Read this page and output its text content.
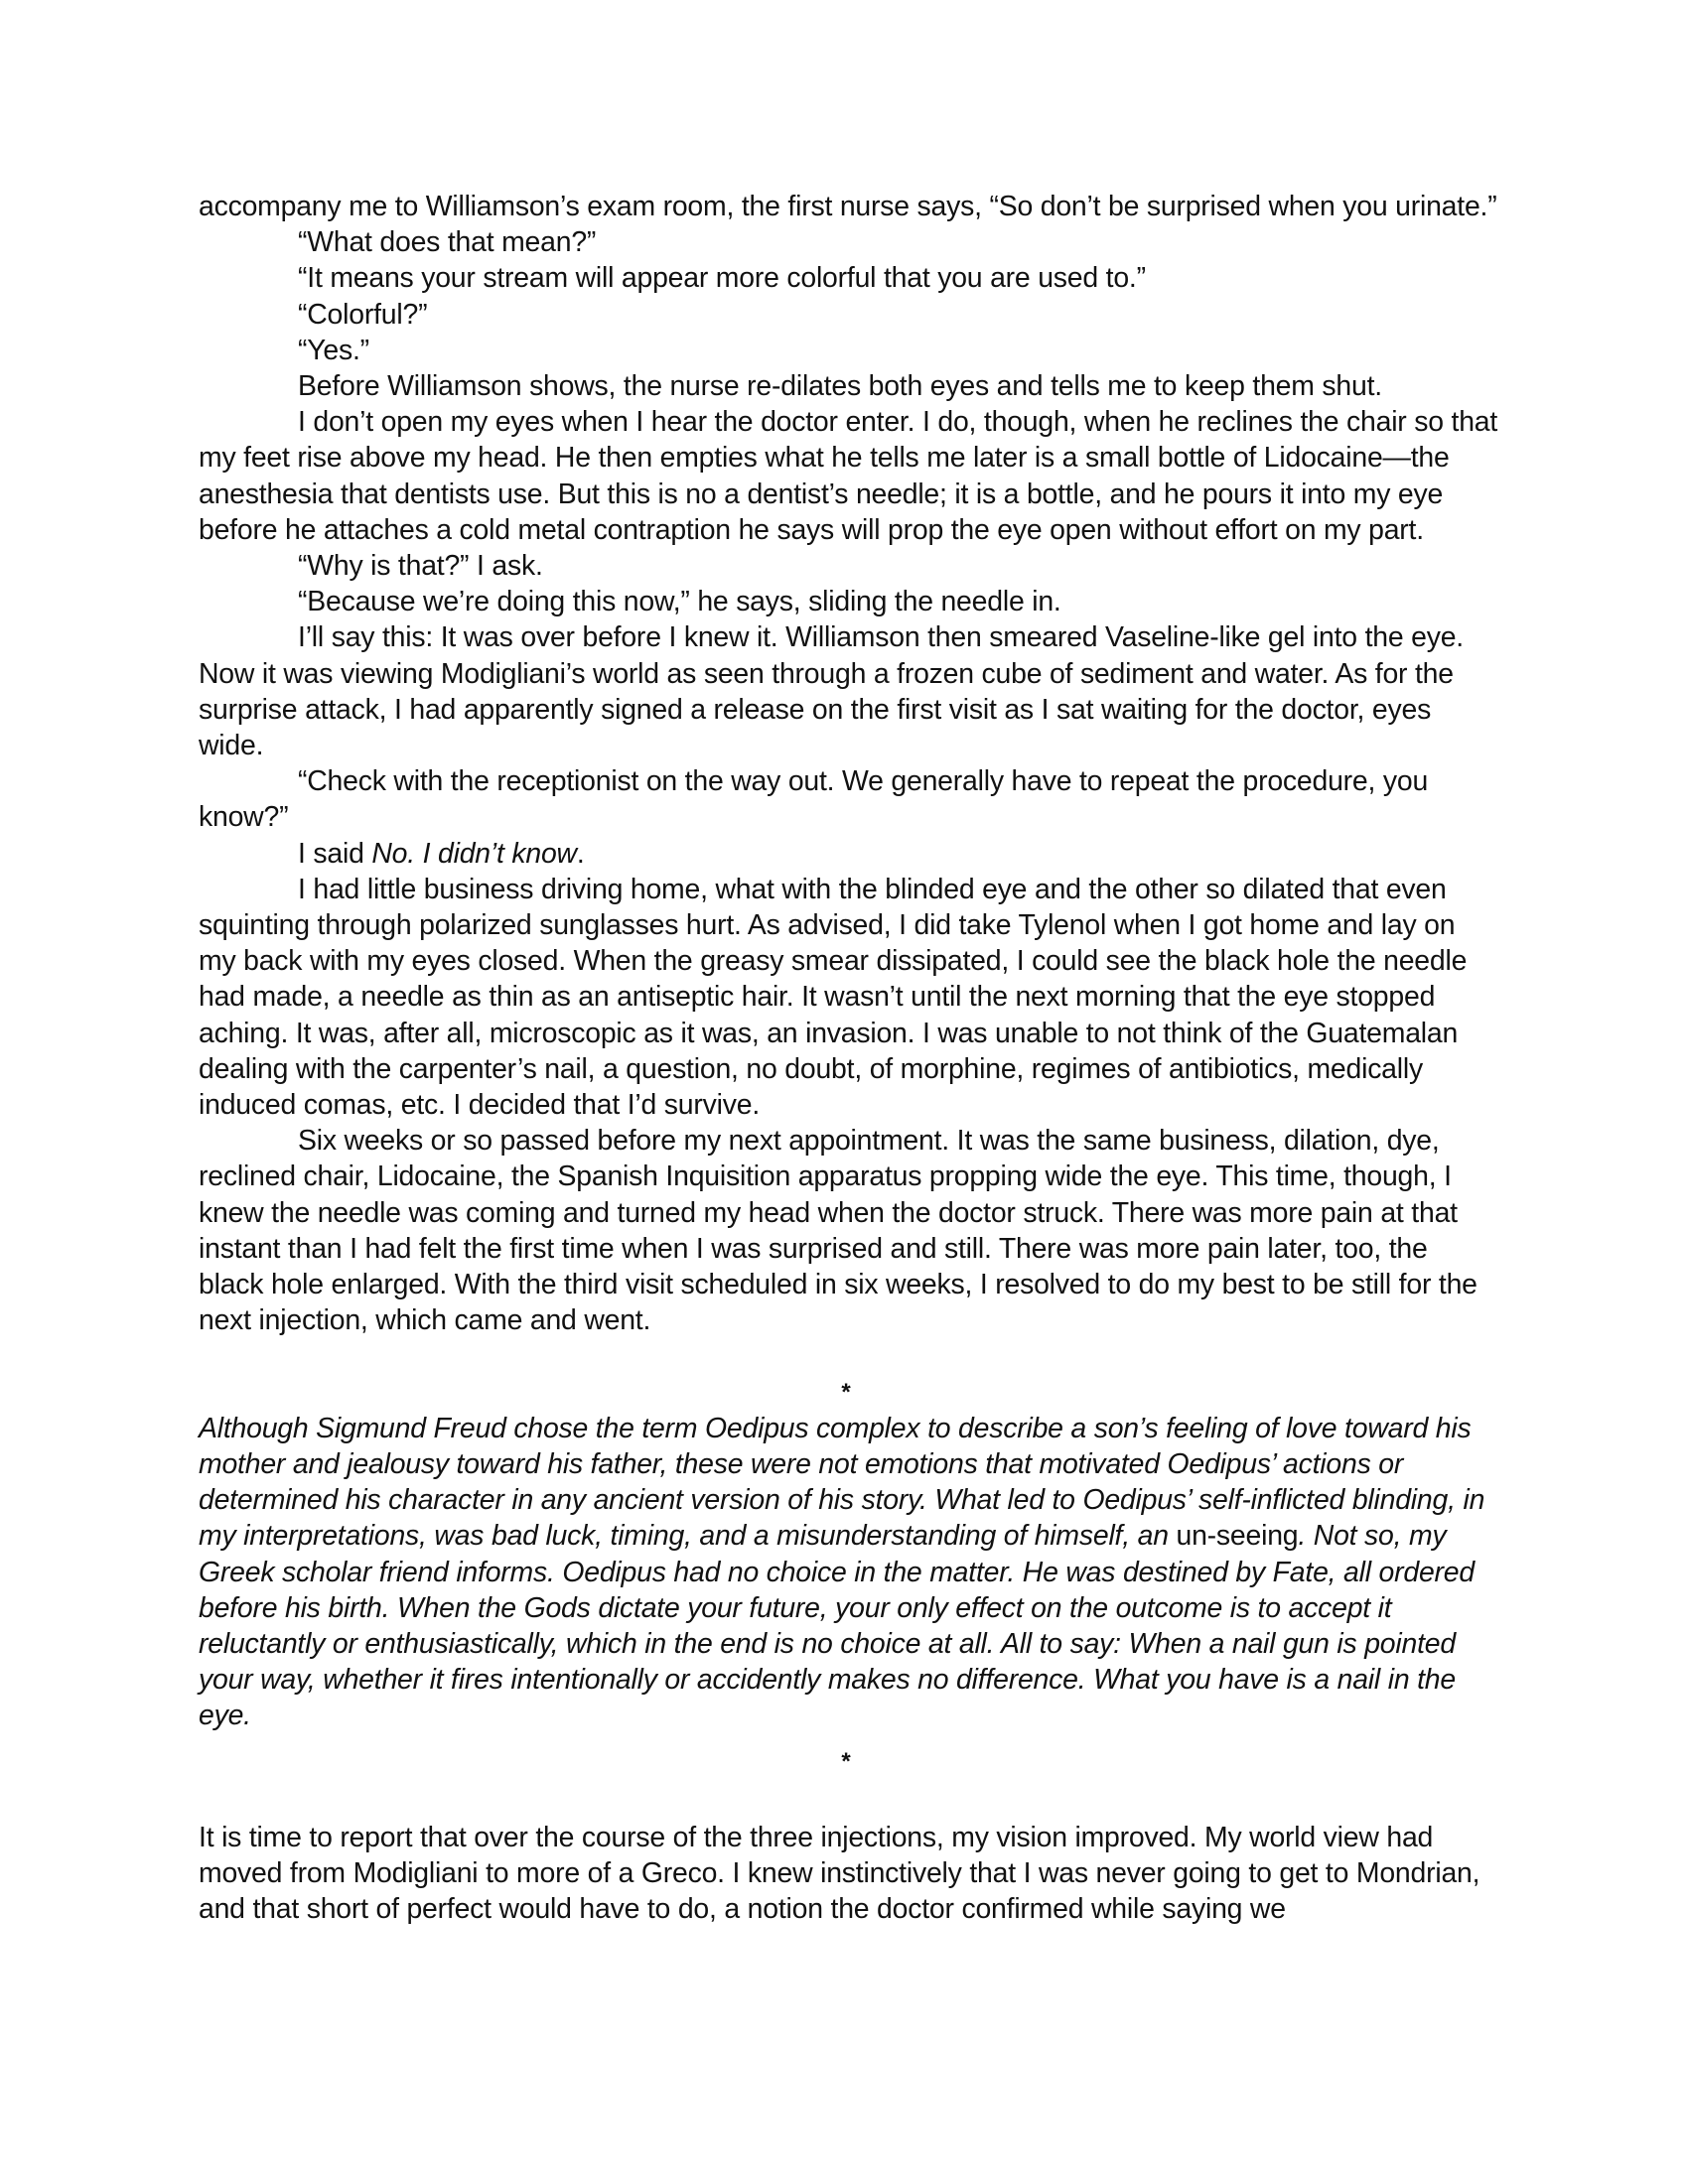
accompany me to Williamson’s exam room, the first nurse says, “So don’t be surprised when you urinate.”

“What does that mean?”

“It means your stream will appear more colorful that you are used to.”

“Colorful?”

“Yes.”

Before Williamson shows, the nurse re-dilates both eyes and tells me to keep them shut.

I don’t open my eyes when I hear the doctor enter. I do, though, when he reclines the chair so that my feet rise above my head. He then empties what he tells me later is a small bottle of Lidocaine—the anesthesia that dentists use. But this is no a dentist’s needle; it is a bottle, and he pours it into my eye before he attaches a cold metal contraption he says will prop the eye open without effort on my part.

“Why is that?” I ask.

“Because we’re doing this now,” he says, sliding the needle in.

I’ll say this: It was over before I knew it. Williamson then smeared Vaseline-like gel into the eye. Now it was viewing Modigliani’s world as seen through a frozen cube of sediment and water. As for the surprise attack, I had apparently signed a release on the first visit as I sat waiting for the doctor, eyes wide.

“Check with the receptionist on the way out. We generally have to repeat the procedure, you know?”

I said No. I didn’t know.

I had little business driving home, what with the blinded eye and the other so dilated that even squinting through polarized sunglasses hurt. As advised, I did take Tylenol when I got home and lay on my back with my eyes closed. When the greasy smear dissipated, I could see the black hole the needle had made, a needle as thin as an antiseptic hair. It wasn’t until the next morning that the eye stopped aching. It was, after all, microscopic as it was, an invasion. I was unable to not think of the Guatemalan dealing with the carpenter’s nail, a question, no doubt, of morphine, regimes of antibiotics, medically induced comas, etc. I decided that I’d survive.

Six weeks or so passed before my next appointment. It was the same business, dilation, dye, reclined chair, Lidocaine, the Spanish Inquisition apparatus propping wide the eye. This time, though, I knew the needle was coming and turned my head when the doctor struck. There was more pain at that instant than I had felt the first time when I was surprised and still. There was more pain later, too, the black hole enlarged. With the third visit scheduled in six weeks, I resolved to do my best to be still for the next injection, which came and went.

*

Although Sigmund Freud chose the term Oedipus complex to describe a son’s feeling of love toward his mother and jealousy toward his father, these were not emotions that motivated Oedipus’ actions or determined his character in any ancient version of his story. What led to Oedipus’ self-inflicted blinding, in my interpretations, was bad luck, timing, and a misunderstanding of himself, an un-seeing. Not so, my Greek scholar friend informs. Oedipus had no choice in the matter. He was destined by Fate, all ordered before his birth. When the Gods dictate your future, your only effect on the outcome is to accept it reluctantly or enthusiastically, which in the end is no choice at all. All to say: When a nail gun is pointed your way, whether it fires intentionally or accidently makes no difference. What you have is a nail in the eye.

*

It is time to report that over the course of the three injections, my vision improved. My world view had moved from Modigliani to more of a Greco. I knew instinctively that I was never going to get to Mondrian, and that short of perfect would have to do, a notion the doctor confirmed while saying we
